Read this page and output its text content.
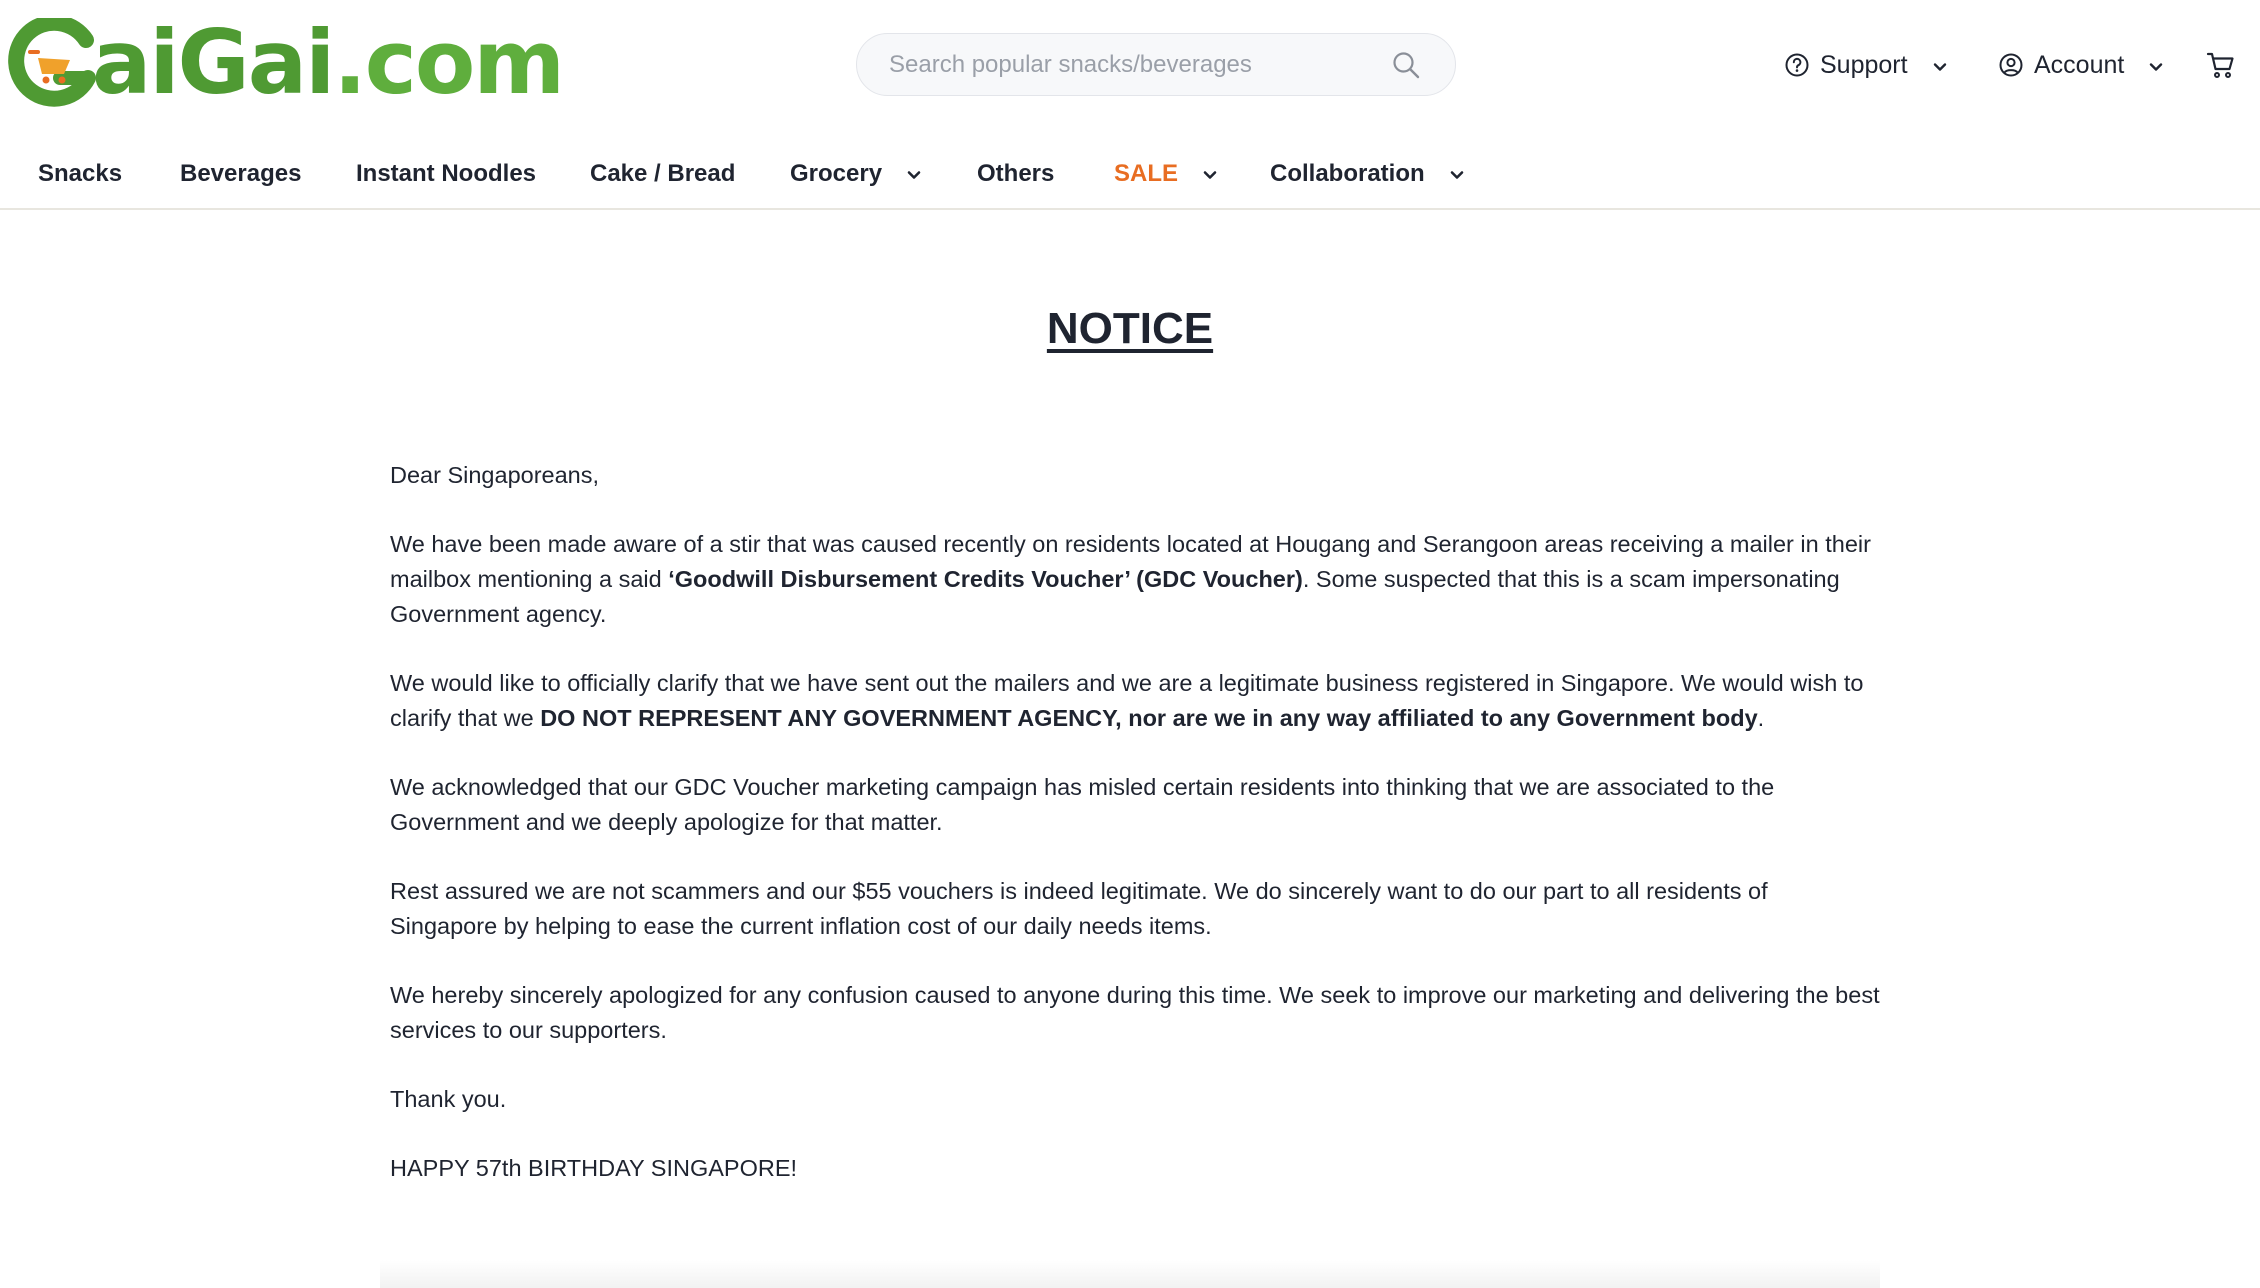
aiGai.com
Search popular snacks/beverages	Support	Account
Snacks Beverages Instant Noodles Cake / Bread Grocery	Others SALE	Collaboration
NOTICE

Dear Singaporeans,

We have been made aware of a stir that was caused recently on residents located at Hougang and Serangoon areas receiving a mailer in their mailbox mentioning a said ‘Goodwill Disbursement Credits Voucher’ (GDC Voucher). Some suspected that this is a scam impersonating Government agency.

We would like to officially clarify that we have sent out the mailers and we are a legitimate business registered in Singapore. We would wish to clarify that we DO NOT REPRESENT ANY GOVERNMENT AGENCY, nor are we in any way affiliated to any Government body.

We acknowledged that our GDC Voucher marketing campaign has misled certain residents into thinking that we are associated to the Government and we deeply apologize for that matter.

Rest assured we are not scammers and our $55 vouchers is indeed legitimate. We do sincerely want to do our part to all residents of Singapore by helping to ease the current inflation cost of our daily needs items.

We hereby sincerely apologized for any confusion caused to anyone during this time. We seek to improve our marketing and delivering the best services to our supporters.

Thank you.

HAPPY 57th BIRTHDAY SINGAPORE!
